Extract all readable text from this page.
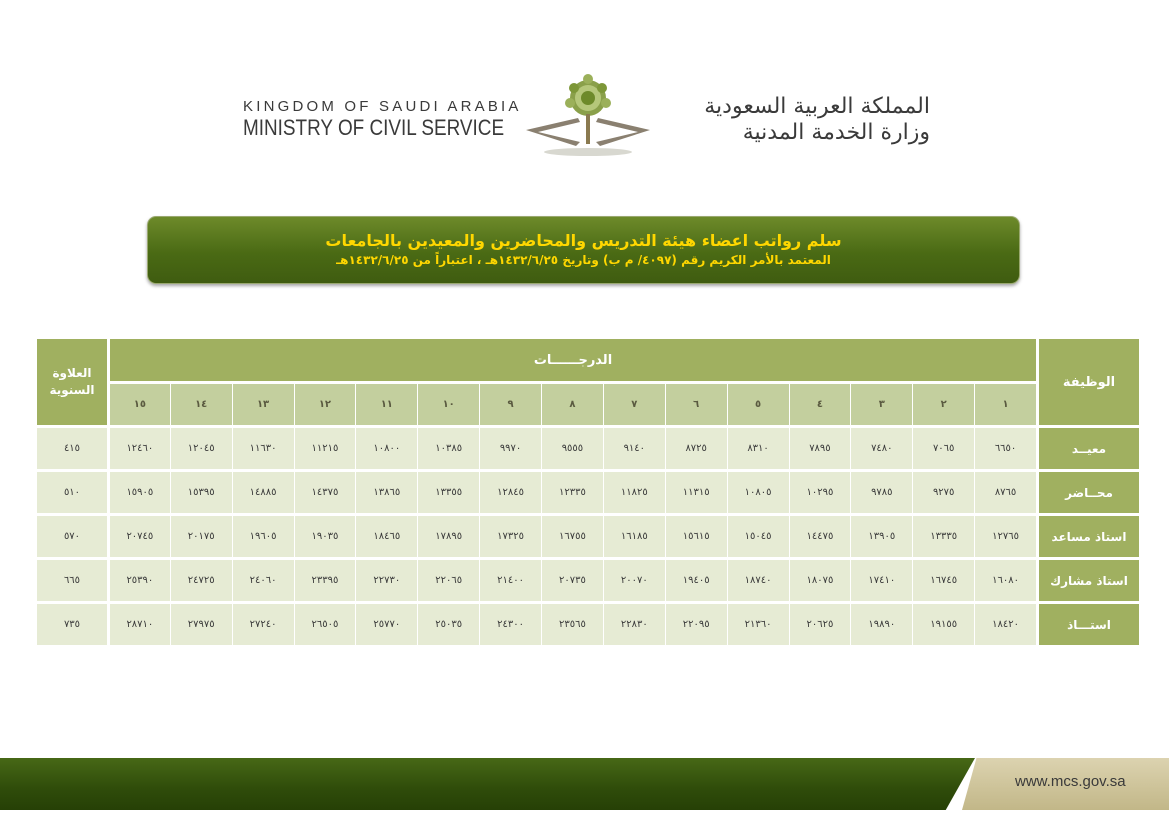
KINGDOM OF SAUDI ARABIA
MINISTRY OF CIVIL SERVICE
المملكة العربية السعودية
وزارة الخدمة المدنية
سلم رواتب اعضاء هيئة التدريس والمحاضرين والمعيدين بالجامعات
المعتمد بالأمر الكريم رقم (٤٠٩٧/ م ب) وتاريخ ١٤٣٢/٦/٢٥هـ ، اعتباراً من ١٤٣٢/٦/٢٥هـ
الوظيفة	الدرجــــــات															العلاوة السنوية
	١	٢	٣	٤	٥	٦	٧	٨	٩	١٠	١١	١٢	١٣	١٤	١٥	
معيــد	٦٦٥٠	٧٠٦٥	٧٤٨٠	٧٨٩٥	٨٣١٠	٨٧٢٥	٩١٤٠	٩٥٥٥	٩٩٧٠	١٠٣٨٥	١٠٨٠٠	١١٢١٥	١١٦٣٠	١٢٠٤٥	١٢٤٦٠	٤١٥
محــاضر	٨٧٦٥	٩٢٧٥	٩٧٨٥	١٠٢٩٥	١٠٨٠٥	١١٣١٥	١١٨٢٥	١٢٣٣٥	١٢٨٤٥	١٣٣٥٥	١٣٨٦٥	١٤٣٧٥	١٤٨٨٥	١٥٣٩٥	١٥٩٠٥	٥١٠
استاذ مساعد	١٢٧٦٥	١٣٣٣٥	١٣٩٠٥	١٤٤٧٥	١٥٠٤٥	١٥٦١٥	١٦١٨٥	١٦٧٥٥	١٧٣٢٥	١٧٨٩٥	١٨٤٦٥	١٩٠٣٥	١٩٦٠٥	٢٠١٧٥	٢٠٧٤٥	٥٧٠
استاذ مشارك	١٦٠٨٠	١٦٧٤٥	١٧٤١٠	١٨٠٧٥	١٨٧٤٠	١٩٤٠٥	٢٠٠٧٠	٢٠٧٣٥	٢١٤٠٠	٢٢٠٦٥	٢٢٧٣٠	٢٣٣٩٥	٢٤٠٦٠	٢٤٧٢٥	٢٥٣٩٠	٦٦٥
استـــاذ	١٨٤٢٠	١٩١٥٥	١٩٨٩٠	٢٠٦٢٥	٢١٣٦٠	٢٢٠٩٥	٢٢٨٣٠	٢٣٥٦٥	٢٤٣٠٠	٢٥٠٣٥	٢٥٧٧٠	٢٦٥٠٥	٢٧٢٤٠	٢٧٩٧٥	٢٨٧١٠	٧٣٥
www.mcs.gov.sa
